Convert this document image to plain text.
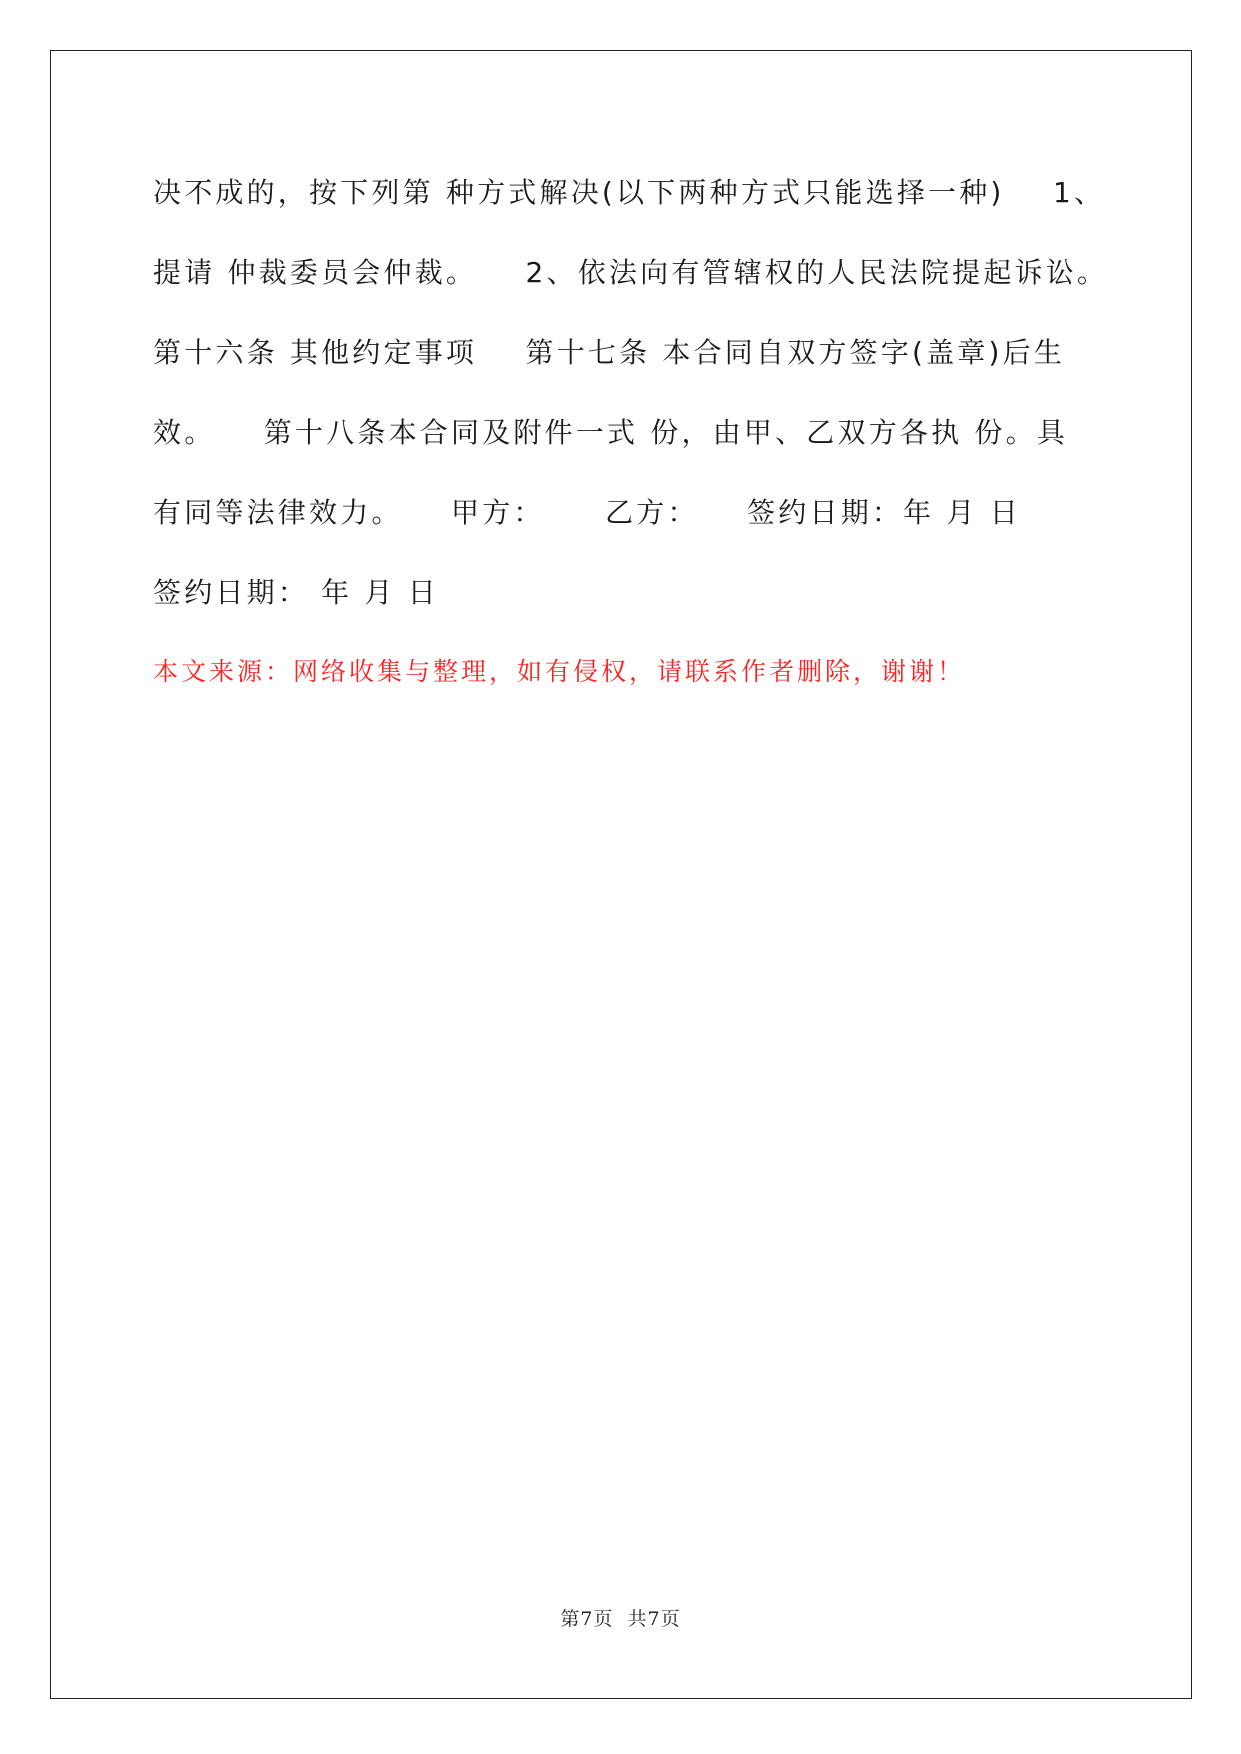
决不成的，按下列第 种方式解决(以下两种方式只能选择一种)    1、
提请 仲裁委员会仲裁。    2、依法向有管辖权的人民法院提起诉讼。
第十六条 其他约定事项    第十七条 本合同自双方签字(盖章)后生
效。    第十八条本合同及附件一式 份，由甲、乙双方各执 份。具
有同等法律效力。    甲方：     乙方：    签约日期：年 月 日
签约日期： 年 月 日
本文来源：网络收集与整理，如有侵权，请联系作者删除，谢谢！
第7页  共7页
